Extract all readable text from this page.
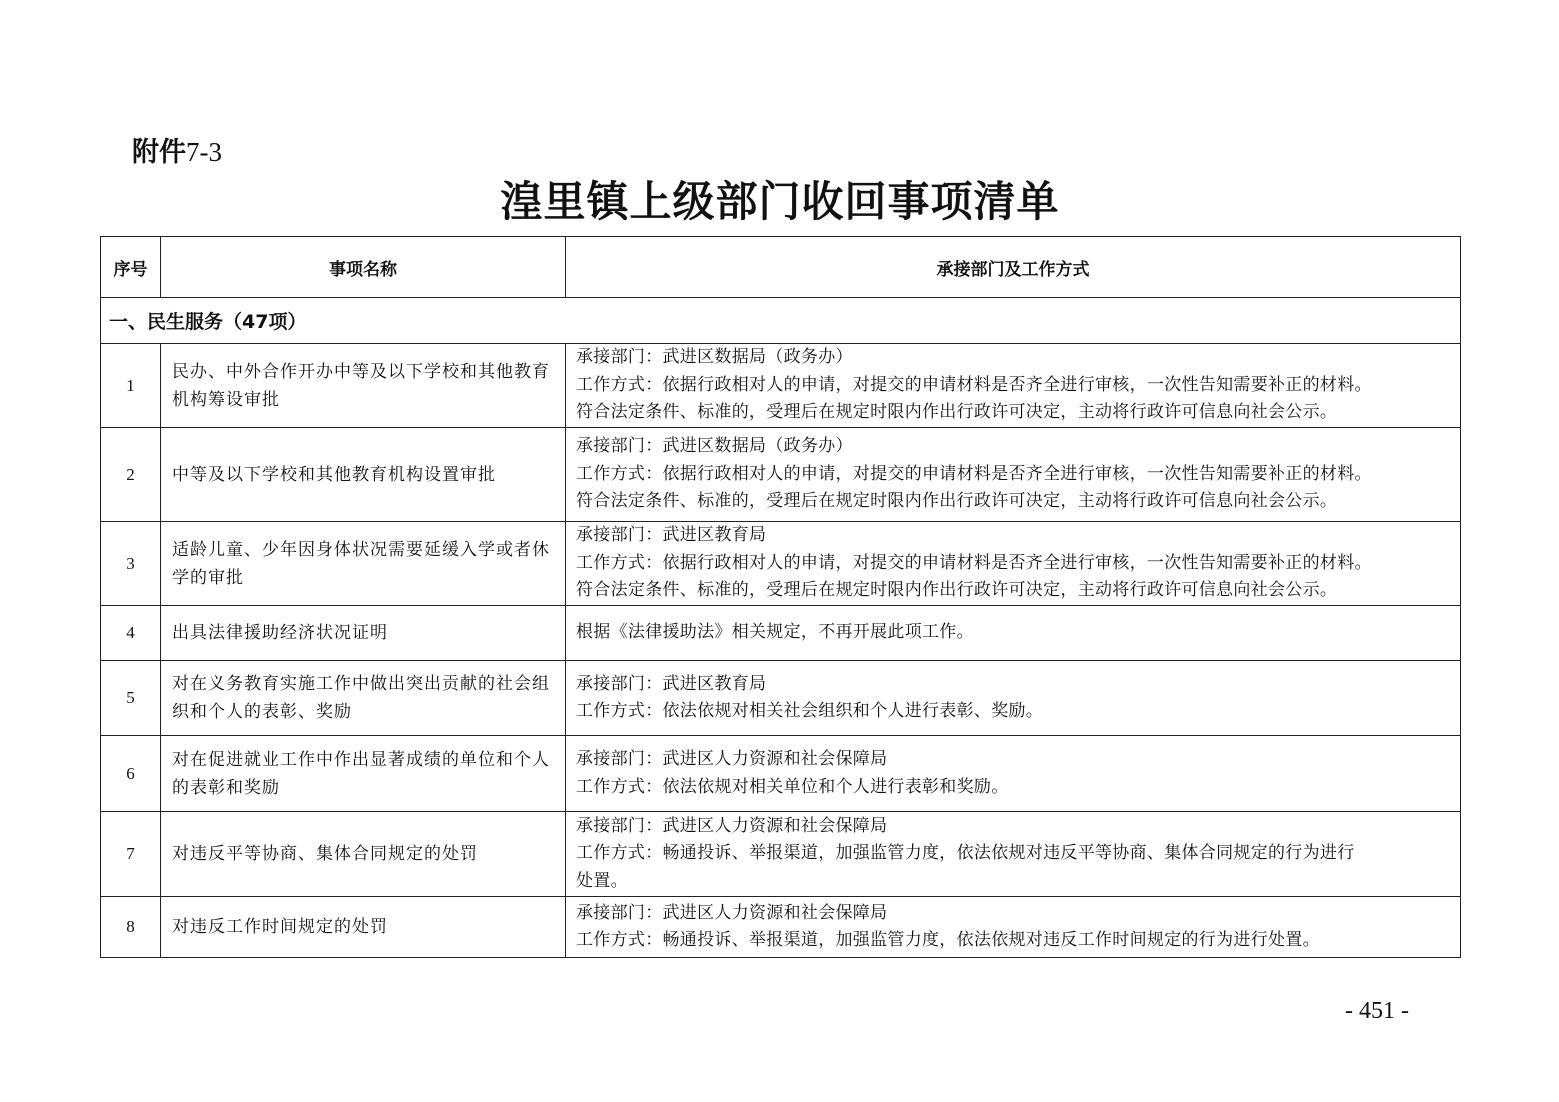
附件7-3
湟里镇上级部门收回事项清单
序号	事项名称	承接部门及工作方式
一、民生服务（47项）		
1	民办、中外合作开办中等及以下学校和其他教育机构筹设审批	承接部门：武进区数据局（政务办）
工作方式：依据行政相对人的申请，对提交的申请材料是否齐全进行审核，一次性告知需要补正的材料。
符合法定条件、标准的，受理后在规定时限内作出行政许可决定，主动将行政许可信息向社会公示。

2	中等及以下学校和其他教育机构设置审批	承接部门：武进区数据局（政务办）
工作方式：依据行政相对人的申请，对提交的申请材料是否齐全进行审核，一次性告知需要补正的材料。
符合法定条件、标准的，受理后在规定时限内作出行政许可决定，主动将行政许可信息向社会公示。

3	适龄儿童、少年因身体状况需要延缓入学或者休学的审批	承接部门：武进区教育局
工作方式：依据行政相对人的申请，对提交的申请材料是否齐全进行审核，一次性告知需要补正的材料。
符合法定条件、标准的，受理后在规定时限内作出行政许可决定，主动将行政许可信息向社会公示。

4	出具法律援助经济状况证明	根据《法律援助法》相关规定，不再开展此项工作。

5	对在义务教育实施工作中做出突出贡献的社会组织和个人的表彰、奖励	承接部门：武进区教育局
工作方式：依法依规对相关社会组织和个人进行表彰、奖励。

6	对在促进就业工作中作出显著成绩的单位和个人的表彰和奖励	承接部门：武进区人力资源和社会保障局
工作方式：依法依规对相关单位和个人进行表彰和奖励。

7	对违反平等协商、集体合同规定的处罚	承接部门：武进区人力资源和社会保障局
工作方式：畅通投诉、举报渠道，加强监管力度，依法依规对违反平等协商、集体合同规定的行为进行
处置。

8	对违反工作时间规定的处罚	承接部门：武进区人力资源和社会保障局
工作方式：畅通投诉、举报渠道，加强监管力度，依法依规对违反工作时间规定的行为进行处置。
- 451 -
